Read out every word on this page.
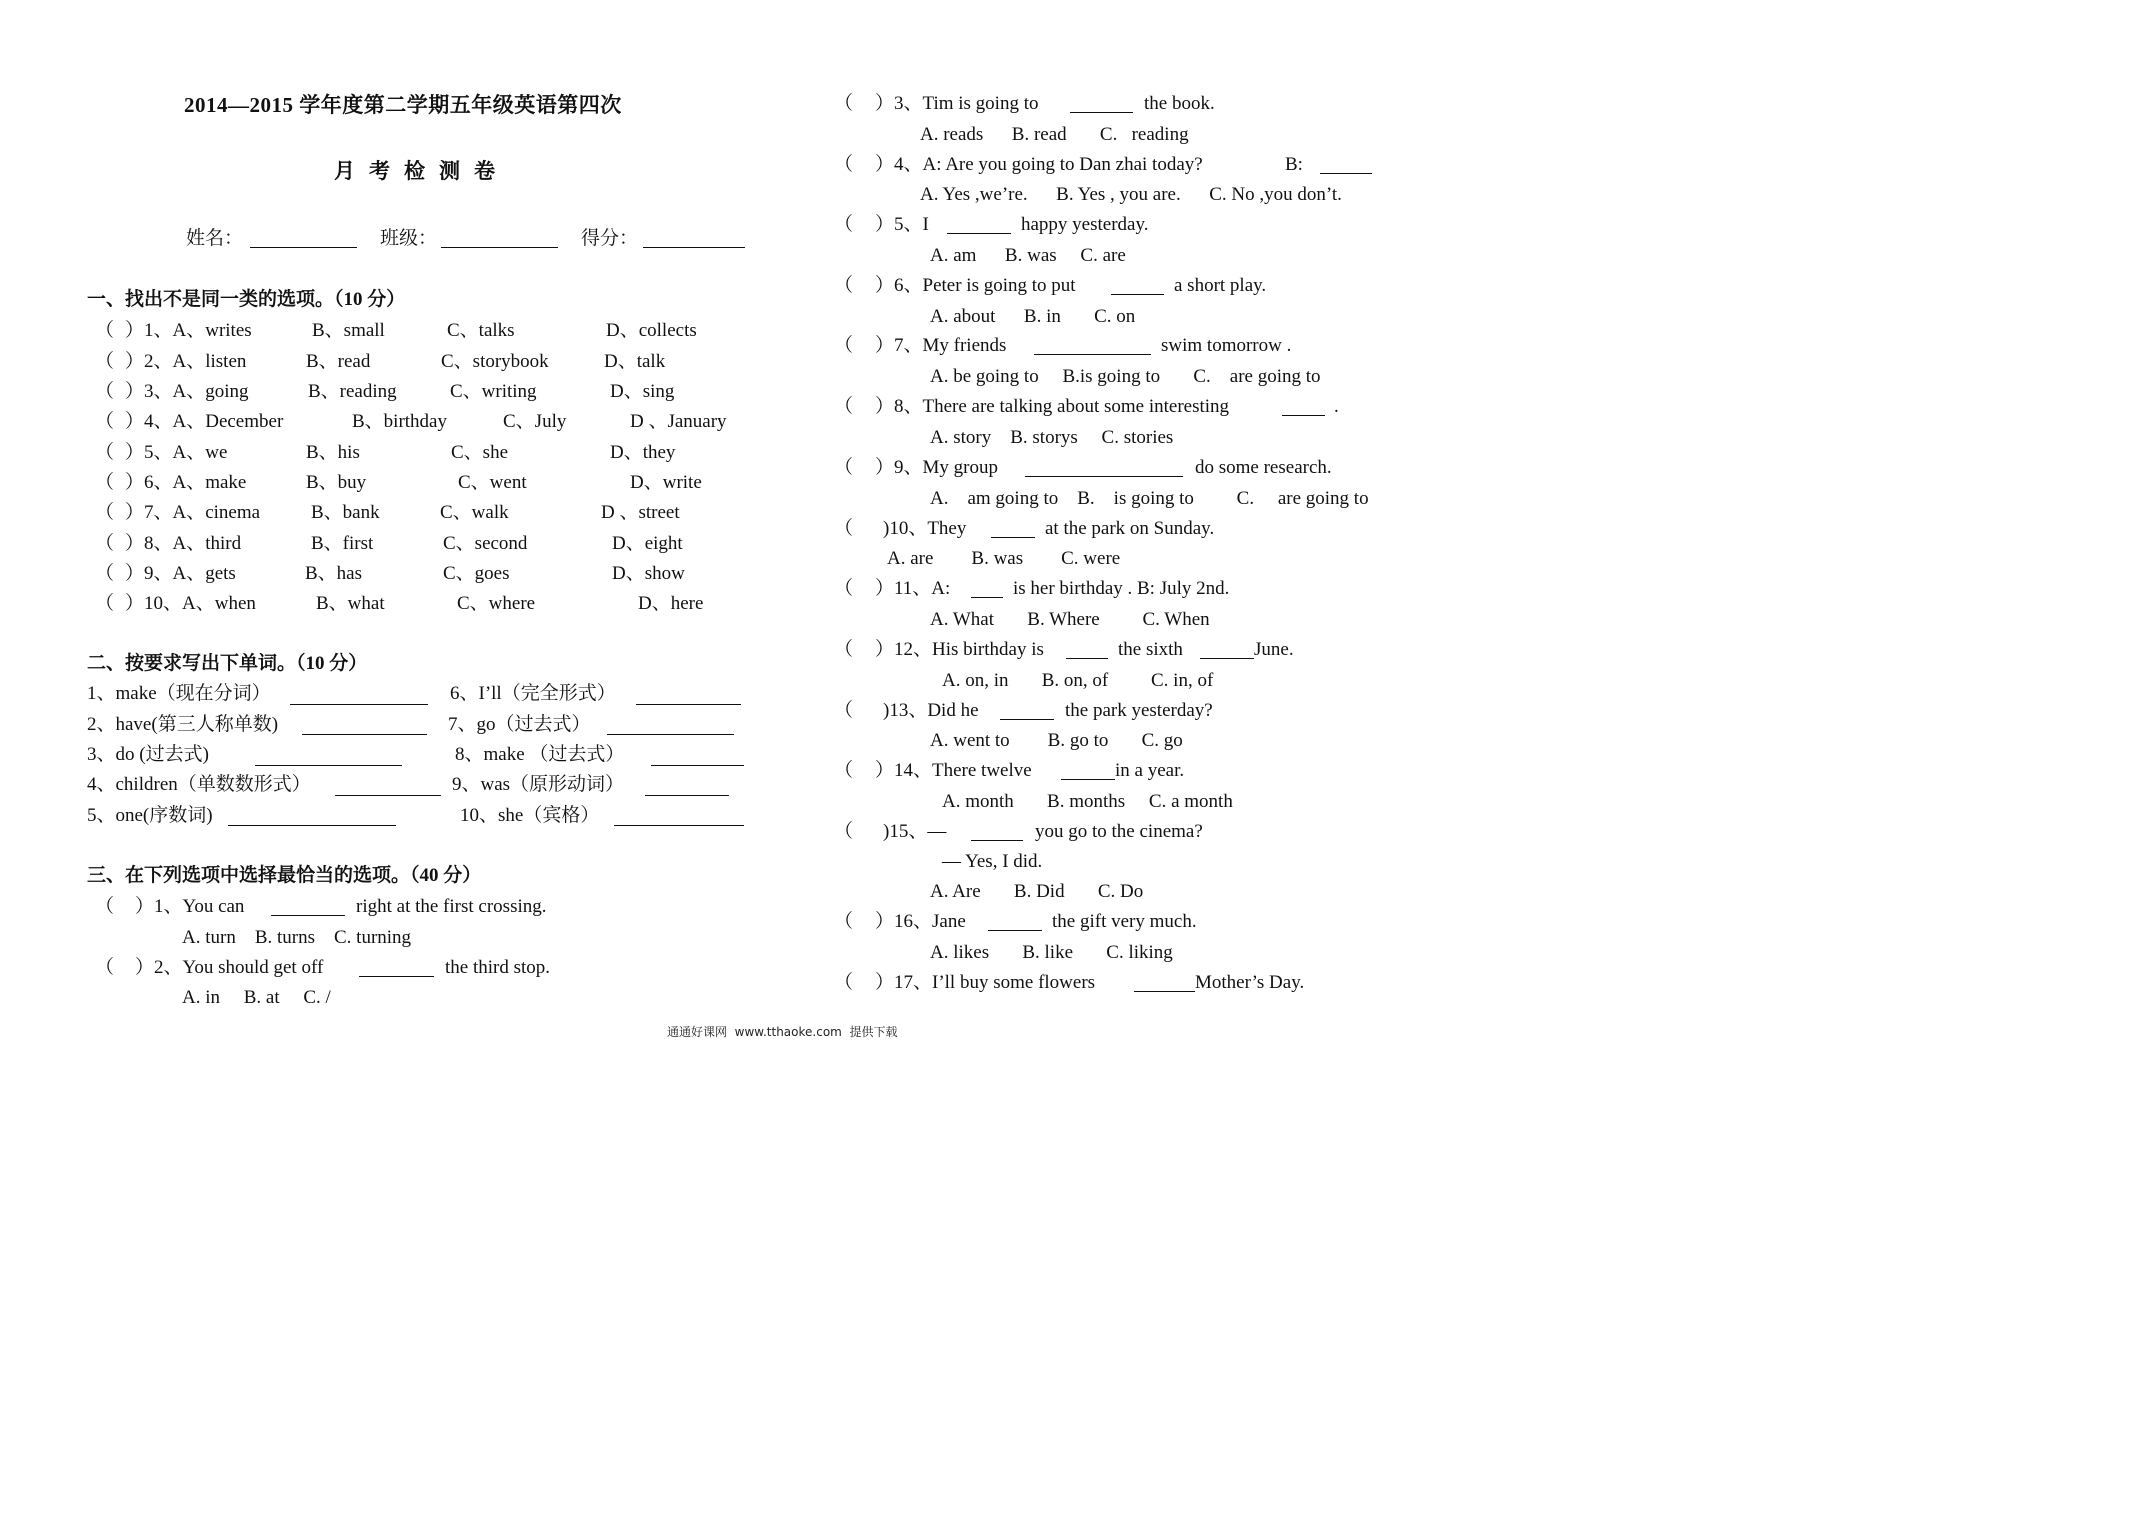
2014—2015 学年度第二学期五年级英语第四次
月考检测卷
姓名：	班级：	得分：
一、找出不是同一类的选项。（10 分）
（ ）1、A、writes	B、small	C、talks	D、collects
（ ）2、A、listen	B、read	C、storybook	D、talk
（ ）3、A、going	B、reading	C、writing	D、sing
（ ）4、A、December	B、birthday	C、July	D 、January
（ ）5、A、we	B、his	C、she	D、they
（ ）6、A、make	B、buy	C、went	D、write
（ ）7、A、cinema	B、bank	C、walk	D 、street
（ ）8、A、third	B、first	C、second	D、eight
（ ）9、A、gets	B、has	C、goes	D、show
（ ）10、A、when	B、what	C、where	D、here
二、按要求写出下单词。（10 分）
1、make（现在分词）	6、I’ll（完全形式）
2、have(第三人称单数)	7、go（过去式）
3、do (过去式)	8、make （过去式）
4、children（单数数形式）	9、was（原形动词）
5、one(序数词)	10、she（宾格）
三、在下列选项中选择最恰当的选项。（40 分）
（ ）1、You can	right at the first crossing.
A. turn    B. turns    C. turning
（ ）2、You should get off	the third stop.
A. in     B. at     C. /
（ ）3、Tim is going to	the book.
A. reads      B. read       C.   reading
（ ）4、A: Are you going to Dan zhai today?	B:
A. Yes ,we’re.      B. Yes , you are.      C. No ,you don’t.
（ ）5、I	happy yesterday.
A. am      B. was     C. are
（ ）6、Peter is going to put	a short play.
A. about      B. in       C. on
（ ）7、My friends	swim tomorrow .
A. be going to     B.is going to       C.    are going to
（ ）8、There are talking about some interesting	.
A. story    B. storys     C. stories
（ ）9、My group	do some research.
A.    am going to    B.    is going to         C.     are going to
（ )10、They	at the park on Sunday.
A. are        B. was        C. were
（ ）11、A:	is her birthday . B: July 2nd.
A. What       B. Where         C. When
（ ）12、His birthday is	the sixth	June.
A. on, in       B. on, of         C. in, of
（ )13、Did he	the park yesterday?
A. went to        B. go to       C. go
（ ）14、There twelve	in a year.
A. month       B. months     C. a month
（ )15、—	you go to the cinema?
— Yes, I did.
A. Are       B. Did       C. Do
（ ）16、Jane	the gift very much.
A. likes       B. like       C. liking
（ ）17、I’ll buy some flowers	Mother’s Day.
通通好课网  www.tthaoke.com  提供下载
